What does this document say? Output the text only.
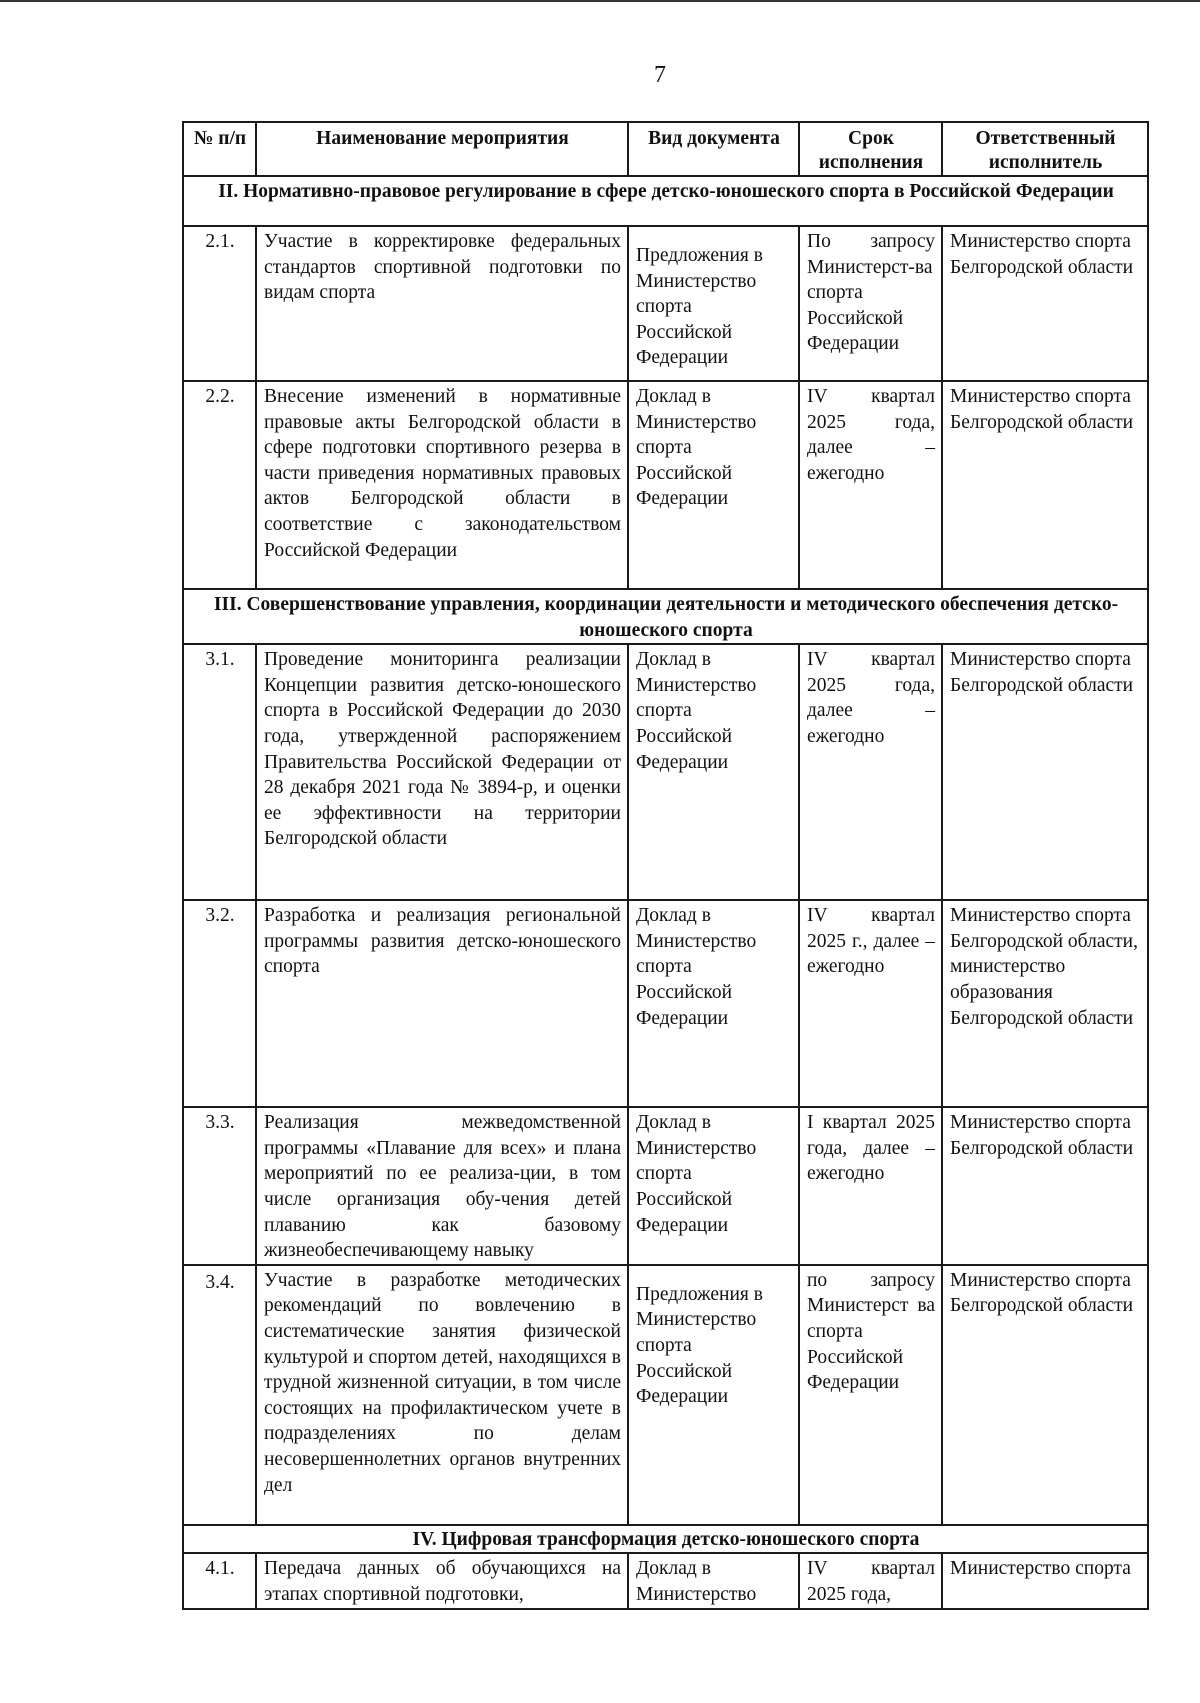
7
№ п/п	Наименование мероприятия	Вид документа	Срок исполнения	Ответственный исполнитель
II. Нормативно-правовое регулирование в сфере детско-юношеского спорта в Российской Федерации				
2.1.	Участие в корректировке федеральных стандартов спортивной подготовки по видам спорта	Предложения в Министерство спорта Российской Федерации	По запросу Министерст-ва спорта Российской Федерации	Министерство спорта Белгородской области
2.2.	Внесение изменений в нормативные правовые акты Белгородской области в сфере подготовки спортивного резерва в части приведения нормативных правовых актов Белгородской области в соответствие с законодательством Российской Федерации	Доклад в Министерство спорта Российской Федерации	IV квартал 2025 года, далее – ежегодно	Министерство спорта Белгородской области
III. Совершенствование управления, координации деятельности и методического обеспечения детско-юношеского спорта				
3.1.	Проведение мониторинга реализации Концепции развития детско-юношеского спорта в Российской Федерации до 2030 года, утвержденной распоряжением Правительства Российской Федерации от 28 декабря 2021 года № 3894-р, и оценки ее эффективности на территории Белгородской области	Доклад в Министерство спорта Российской Федерации	IV квартал 2025 года, далее – ежегодно	Министерство спорта Белгородской области
3.2.	Разработка и реализация региональной программы развития детско-юношеского спорта	Доклад в Министерство спорта Российской Федерации	IV квартал 2025 г., далее – ежегодно	Министерство спорта Белгородской области, министерство образования Белгородской области
3.3.	Реализация межведомственной программы «Плавание для всех» и плана мероприятий по ее реализа-ции, в том числе организация обу-чения детей плаванию как базовому жизнеобеспечивающему навыку	Доклад в Министерство спорта Российской Федерации	I квартал 2025 года, далее – ежегодно	Министерство спорта Белгородской области
3.4.	Участие в разработке методических рекомендаций по вовлечению в систематические занятия физической культурой и спортом детей, находящихся в трудной жизненной ситуации, в том числе состоящих на профилактическом учете в подразделениях по делам несовершеннолетних органов внутренних дел	Предложения в Министерство спорта Российской Федерации	по запросу Министерст ва спорта Российской Федерации	Министерство спорта Белгородской области
IV. Цифровая трансформация детско-юношеского спорта				
4.1.	Передача данных об обучающихся на этапах спортивной подготовки,	Доклад в Министерство	IV квартал 2025 года,	Министерство спорта
